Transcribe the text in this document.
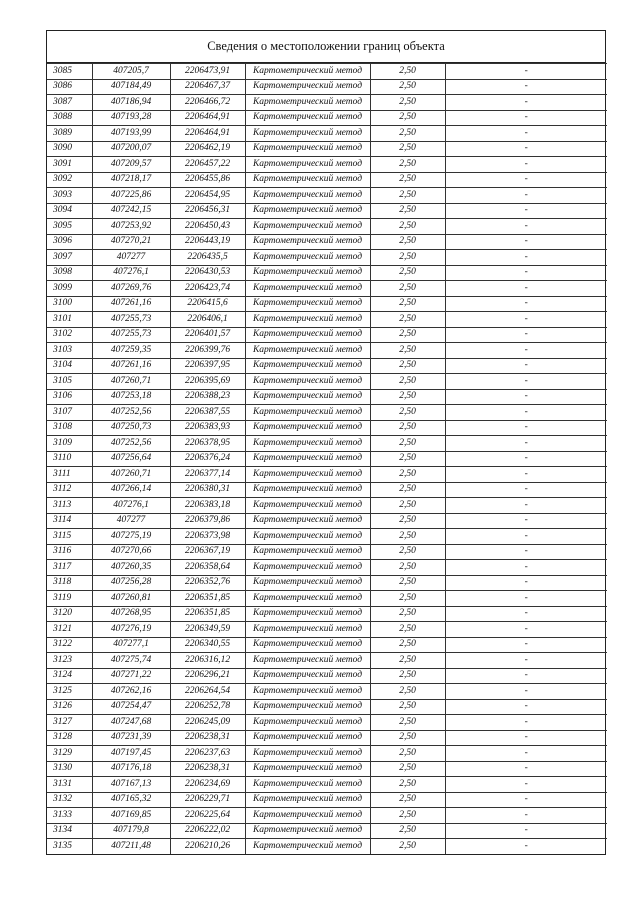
Сведения о местоположении границ объекта
3085	407205,7	2206473,91	Картометрический метод	2,50	-
3086	407184,49	2206467,37	Картометрический метод	2,50	-
3087	407186,94	2206466,72	Картометрический метод	2,50	-
3088	407193,28	2206464,91	Картометрический метод	2,50	-
3089	407193,99	2206464,91	Картометрический метод	2,50	-
3090	407200,07	2206462,19	Картометрический метод	2,50	-
3091	407209,57	2206457,22	Картометрический метод	2,50	-
3092	407218,17	2206455,86	Картометрический метод	2,50	-
3093	407225,86	2206454,95	Картометрический метод	2,50	-
3094	407242,15	2206456,31	Картометрический метод	2,50	-
3095	407253,92	2206450,43	Картометрический метод	2,50	-
3096	407270,21	2206443,19	Картометрический метод	2,50	-
3097	407277	2206435,5	Картометрический метод	2,50	-
3098	407276,1	2206430,53	Картометрический метод	2,50	-
3099	407269,76	2206423,74	Картометрический метод	2,50	-
3100	407261,16	2206415,6	Картометрический метод	2,50	-
3101	407255,73	2206406,1	Картометрический метод	2,50	-
3102	407255,73	2206401,57	Картометрический метод	2,50	-
3103	407259,35	2206399,76	Картометрический метод	2,50	-
3104	407261,16	2206397,95	Картометрический метод	2,50	-
3105	407260,71	2206395,69	Картометрический метод	2,50	-
3106	407253,18	2206388,23	Картометрический метод	2,50	-
3107	407252,56	2206387,55	Картометрический метод	2,50	-
3108	407250,73	2206383,93	Картометрический метод	2,50	-
3109	407252,56	2206378,95	Картометрический метод	2,50	-
3110	407256,64	2206376,24	Картометрический метод	2,50	-
3111	407260,71	2206377,14	Картометрический метод	2,50	-
3112	407266,14	2206380,31	Картометрический метод	2,50	-
3113	407276,1	2206383,18	Картометрический метод	2,50	-
3114	407277	2206379,86	Картометрический метод	2,50	-
3115	407275,19	2206373,98	Картометрический метод	2,50	-
3116	407270,66	2206367,19	Картометрический метод	2,50	-
3117	407260,35	2206358,64	Картометрический метод	2,50	-
3118	407256,28	2206352,76	Картометрический метод	2,50	-
3119	407260,81	2206351,85	Картометрический метод	2,50	-
3120	407268,95	2206351,85	Картометрический метод	2,50	-
3121	407276,19	2206349,59	Картометрический метод	2,50	-
3122	407277,1	2206340,55	Картометрический метод	2,50	-
3123	407275,74	2206316,12	Картометрический метод	2,50	-
3124	407271,22	2206296,21	Картометрический метод	2,50	-
3125	407262,16	2206264,54	Картометрический метод	2,50	-
3126	407254,47	2206252,78	Картометрический метод	2,50	-
3127	407247,68	2206245,09	Картометрический метод	2,50	-
3128	407231,39	2206238,31	Картометрический метод	2,50	-
3129	407197,45	2206237,63	Картометрический метод	2,50	-
3130	407176,18	2206238,31	Картометрический метод	2,50	-
3131	407167,13	2206234,69	Картометрический метод	2,50	-
3132	407165,32	2206229,71	Картометрический метод	2,50	-
3133	407169,85	2206225,64	Картометрический метод	2,50	-
3134	407179,8	2206222,02	Картометрический метод	2,50	-
3135	407211,48	2206210,26	Картометрический метод	2,50	-
